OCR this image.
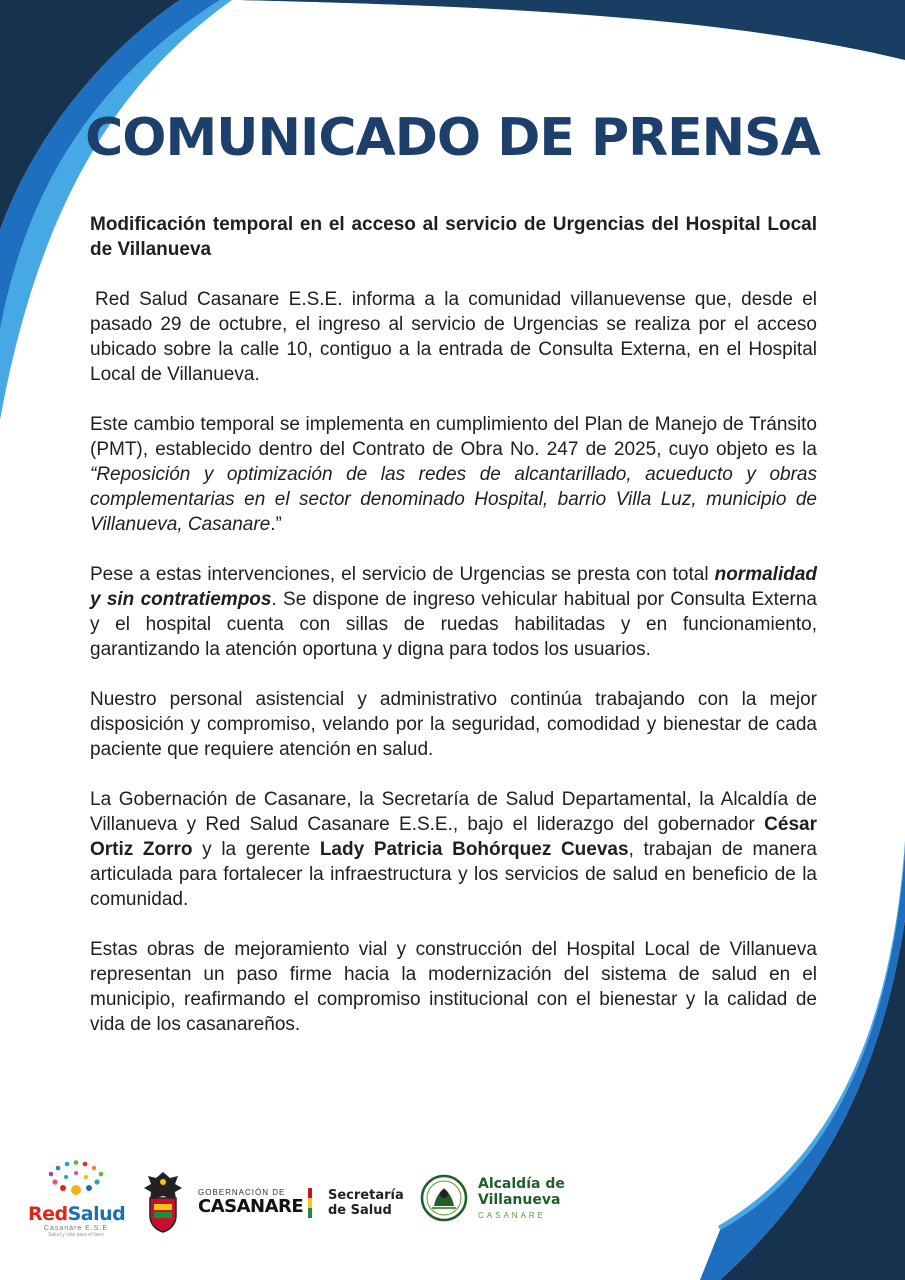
COMUNICADO DE PRENSA

Modificación temporal en el acceso al servicio de Urgencias del Hospital Local de Villanueva

Red Salud Casanare E.S.E. informa a la comunidad villanuevense que, desde el pasado 29 de octubre, el ingreso al servicio de Urgencias se realiza por el acceso ubicado sobre la calle 10, contiguo a la entrada de Consulta Externa, en el Hospital Local de Villanueva.

Este cambio temporal se implementa en cumplimiento del Plan de Manejo de Tránsito (PMT), establecido dentro del Contrato de Obra No. 247 de 2025, cuyo objeto es la “Reposición y optimización de las redes de alcantarillado, acueducto y obras complementarias en el sector denominado Hospital, barrio Villa Luz, municipio de Villanueva, Casanare.”

Pese a estas intervenciones, el servicio de Urgencias se presta con total normalidad y sin contratiempos. Se dispone de ingreso vehicular habitual por Consulta Externa y el hospital cuenta con sillas de ruedas habilitadas y en funcionamiento, garantizando la atención oportuna y digna para todos los usuarios.

Nuestro personal asistencial y administrativo continúa trabajando con la mejor disposición y compromiso, velando por la seguridad, comodidad y bienestar de cada paciente que requiere atención en salud.

La Gobernación de Casanare, la Secretaría de Salud Departamental, la Alcaldía de Villanueva y Red Salud Casanare E.S.E., bajo el liderazgo del gobernador César Ortiz Zorro y la gerente Lady Patricia Bohórquez Cuevas, trabajan de manera articulada para fortalecer la infraestructura y los servicios de salud en beneficio de la comunidad.

Estas obras de mejoramiento vial y construcción del Hospital Local de Villanueva representan un paso firme hacia la modernización del sistema de salud en el municipio, reafirmando el compromiso institucional con el bienestar y la calidad de vida de los casanareños.

RedSalud
Casanare E.S.E
Salud y vida para el llano
GOBERNACIÓN DE
CASANARE
Secretaría
de Salud
Alcaldía de
Villanueva
CASANARE
